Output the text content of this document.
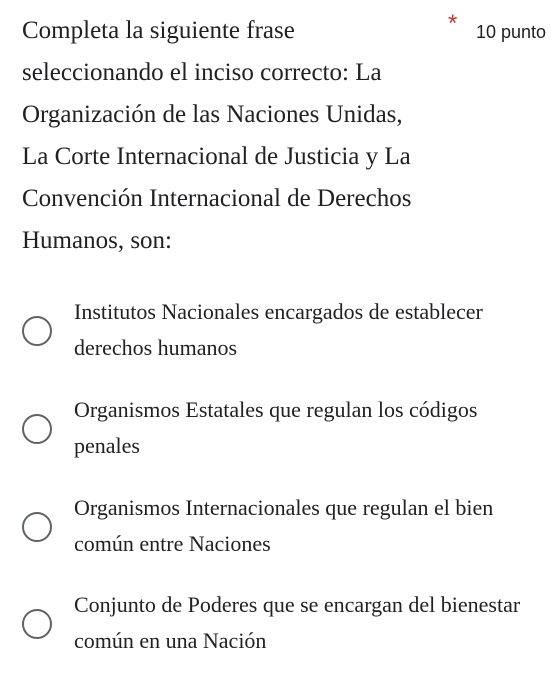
Completa la siguiente frase seleccionando el inciso correcto: La Organización de las Naciones Unidas, La Corte Internacional de Justicia y La Convención Internacional de Derechos Humanos, son:
* 10 punto
Institutos Nacionales encargados de establecer derechos humanos
Organismos Estatales que regulan los códigos penales
Organismos Internacionales que regulan el bien común entre Naciones
Conjunto de Poderes que se encargan del bienestar común en una Nación
